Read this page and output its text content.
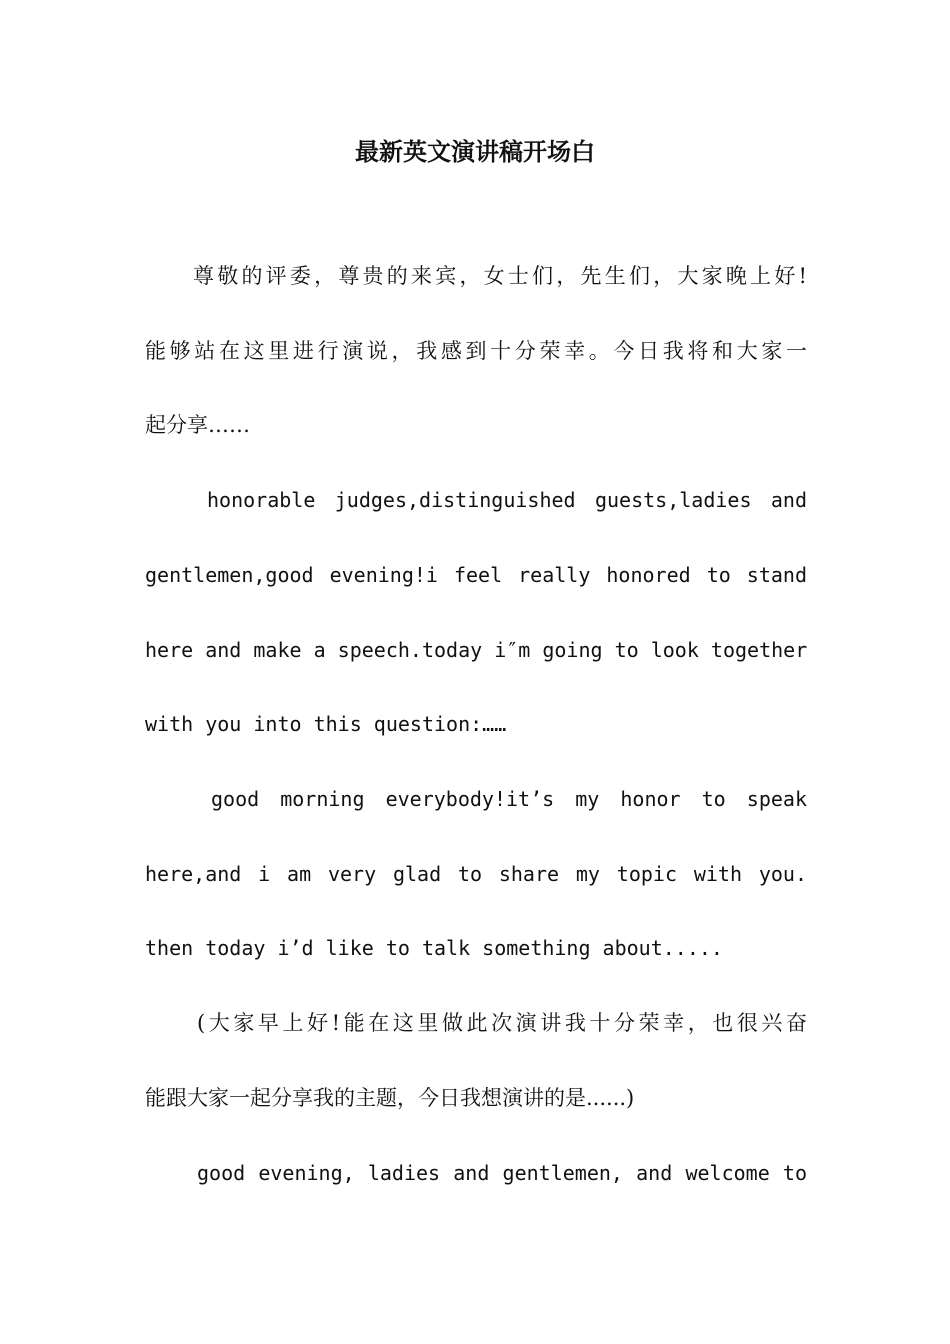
最新英文演讲稿开场白

尊敬的评委，尊贵的来宾，女士们，先生们，大家晚上好!

能够站在这里进行演说，我感到十分荣幸。今日我将和大家一

起分享……

honorable judges,distinguished guests,ladies and

gentlemen,good evening!i feel really honored to stand

here and make a speech.today i″m going to look together

with you into this question:……

good morning everybody!it’s my honor to speak

here,and i am very glad to share my topic with you.

then today i’d like to talk something about.....

(大家早上好!能在这里做此次演讲我十分荣幸，也很兴奋

能跟大家一起分享我的主题，今日我想演讲的是......)

good evening, ladies and gentlemen, and welcome to
